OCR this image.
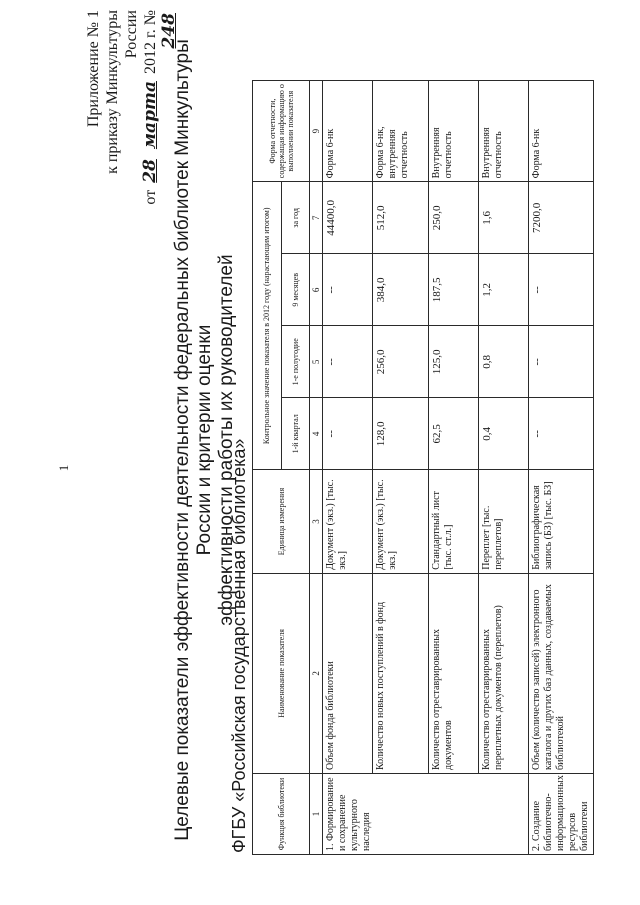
1
Приложение № 1 к приказу Минкультуры России
от 28 марта 2012 г. № 248
Целевые показатели эффективности деятельности федеральных библиотек Минкультуры России и критерии оценки эффективности работы их руководителей
ФГБУ «Российская государственная библиотека»	Функция библиотеки	Наименование показателя	Единица измерения	Контрольное значение показателя в 2012 году (нарастающим итогом)				Форма отчетности, содержащая информацию о выполнении показателя
			1-й квартал	1-е полугодие	9 месяцев	за год	
1	2	3	4	5	6	7	9
1. Формирование и сохранение культурного наследия	Объем фонда библиотеки	Документ (экз.) [тыс. экз.]	--	--	--	44400,0	Форма 6-нк
	Количество новых поступлений в фонд	Документ (экз.) [тыс. экз.]	128,0	256,0	384,0	512,0	Форма 6-нк, внутренняя отчетность
	Количество отреставрированных документов	Стандартный лист [тыс. ст.л.]	62,5	125,0	187,5	250,0	Внутренняя отчетность
	Количество отреставрированных переплетных документов (переплетов)	Переплет [тыс. переплетов]	0,4	0,8	1,2	1,6	Внутренняя отчетность
2. Создание библиотечно-информационных ресурсов библиотеки	Объем (количество записей) электронного каталога и других баз данных, создаваемых библиотекой	Библиографическая запись (БЗ) [тыс. БЗ]	--	--	--	7200,0	Форма 6-нк
